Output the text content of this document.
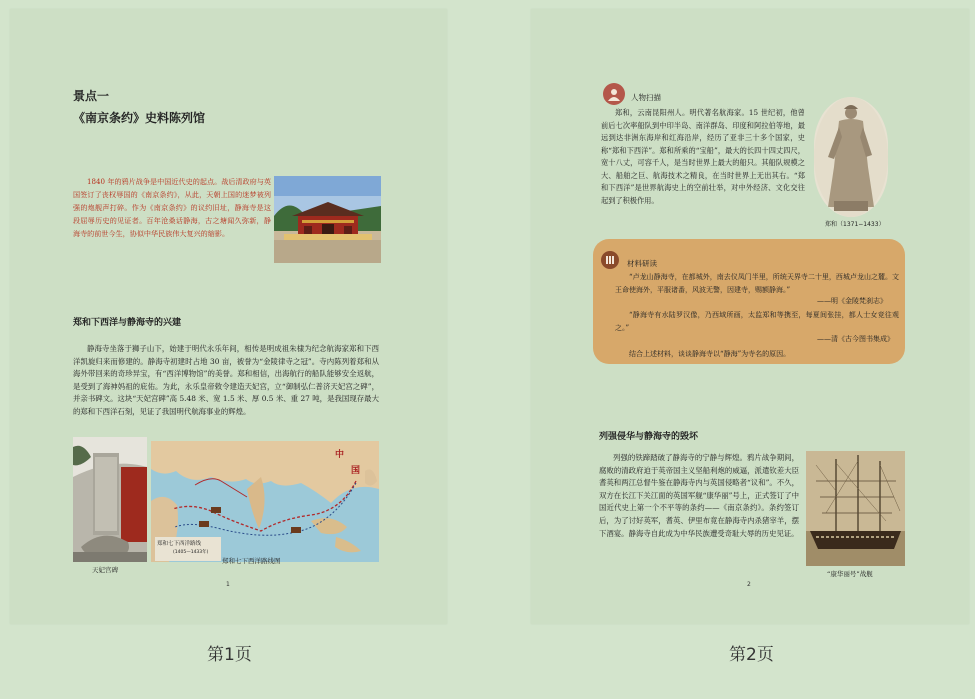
景点一
《南京条约》史料陈列馆
1840 年的鸦片战争是中国近代史的起点。战后清政府与英国签订了丧权辱国的《南京条约》，从此，天朝上国的迷梦被列强的炮舰声打碎。作为《南京条约》的议约旧址，静海寺是这段屈辱历史的见证者。百年沧桑话静海，古之塘闻久弥新，静海寺的前世今生，协似中华民族伟大复兴的缩影。
郑和下西洋与静海寺的兴建
静海寺坐落于狮子山下，始建于明代永乐年间，相传是明成祖朱棣为纪念航海家郑和下西洋凯旋归来而修建的。静海寺初建时占地 30 亩，被誉为“金陵律寺之冠”。寺内陈列着郑和从海外带回来的奇珍异宝，有“西洋博物馆”的美誉。郑和相信，出海航行的船队能够安全返航，是受到了海神妈祖的庇佑。为此，永乐皇帝敕令建造天妃宫，立“御制弘仁普济天妃宫之碑”，并亲书碑文。这块“天妃宫碑”高 5.48 米、宽 1.5 米、厚 0.5 米、重 27 吨，是我国现存最大的郑和下西洋石刻，见证了我国明代航海事业的辉煌。
天妃宫碑
郑和七下西洋路线
(1405—1433年)
中
国
郑和七下西洋路线图
1
第1页
人物扫描
郑和，云南昆阳州人。明代著名航海家。15 世纪初，他曾前后七次率船队到中印半岛、南洋群岛、印度和阿拉伯等地，最远到达非洲东海岸和红海沿岸，经历了亚非三十多个国家，史称“郑和下西洋”。郑和所乘的“宝船”，最大的长四十四丈四尺，宽十八丈，可容千人，是当时世界上最大的船只。其船队规模之大、船舶之巨、航海技术之精良，在当时世界上无出其右。“郑和下西洋”是世界航海史上的空前壮举，对中外经济、文化交往起到了积极作用。
郑和（1371−1433）
材料研读
“卢龙山静海寺，在都城外，南去仪凤门半里，所统天界寺二十里，西城卢龙山之麓。文王命使海外，平服诸番，风波无警，因建寺，赐额静海。”
——明《金陵梵刹志》
“静海寺有水陆罗汉像，乃西域所画，太监郑和等携至，每夏间张挂，都人士女竞往观之。”
——清《古今图书集成》
结合上述材料，谈谈静海寺以“静海”为寺名的原因。
列强侵华与静海寺的毁坏
列强的铁蹄踏破了静海寺的宁静与辉煌。鸦片战争期间，腐败的清政府迫于英帝国主义坚船利炮的威逼，派遣钦差大臣耆英和两江总督牛鉴在静海寺内与英国侵略者“议和”。不久，双方在长江下关江面的英国军舰“康华丽”号上，正式签订了中国近代史上第一个不平等的条约——《南京条约》。条约签订后，为了讨好英军，耆英、伊里布竟在静海寺内杀猪宰羊，摆下酒宴。静海寺自此成为中华民族遭受奇耻大辱的历史见证。
“康华丽号”战舰
2
第2页
